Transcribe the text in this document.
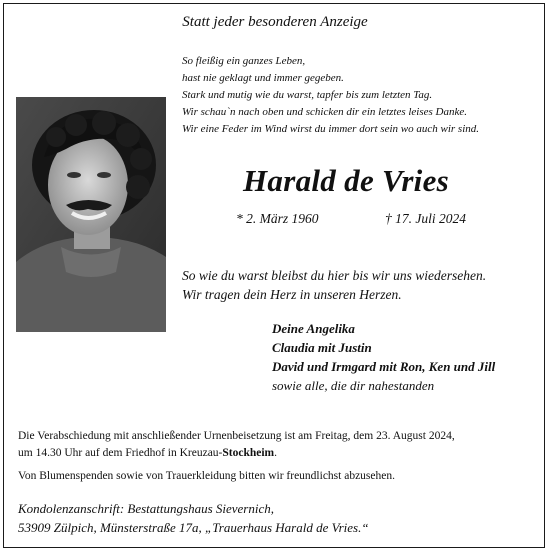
Statt jeder besonderen Anzeige
So fleißig ein ganzes Leben,
hast nie geklagt und immer gegeben.
Stark und mutig wie du warst, tapfer bis zum letzten Tag.
Wir schau`n nach oben und schicken dir ein letztes leises Danke.
Wir eine Feder im Wind wirst du immer dort sein wo auch wir sind.
Harald de Vries
* 2. März 1960	† 17. Juli 2024
So wie du warst bleibst du hier bis wir uns wiedersehen.
Wir tragen dein Herz in unseren Herzen.
Deine Angelika
Claudia mit Justin
David und Irmgard mit Ron, Ken und Jill
sowie alle, die dir nahestanden
Die Verabschiedung mit anschließender Urnenbeisetzung ist am Freitag, dem 23. August 2024,
um 14.30 Uhr auf dem Friedhof in Kreuzau-Stockheim.
Von Blumenspenden sowie von Trauerkleidung bitten wir freundlichst abzusehen.
Kondolenzanschrift: Bestattungshaus Sievernich,
53909 Zülpich, Münsterstraße 17a, „Trauerhaus Harald de Vries.“
